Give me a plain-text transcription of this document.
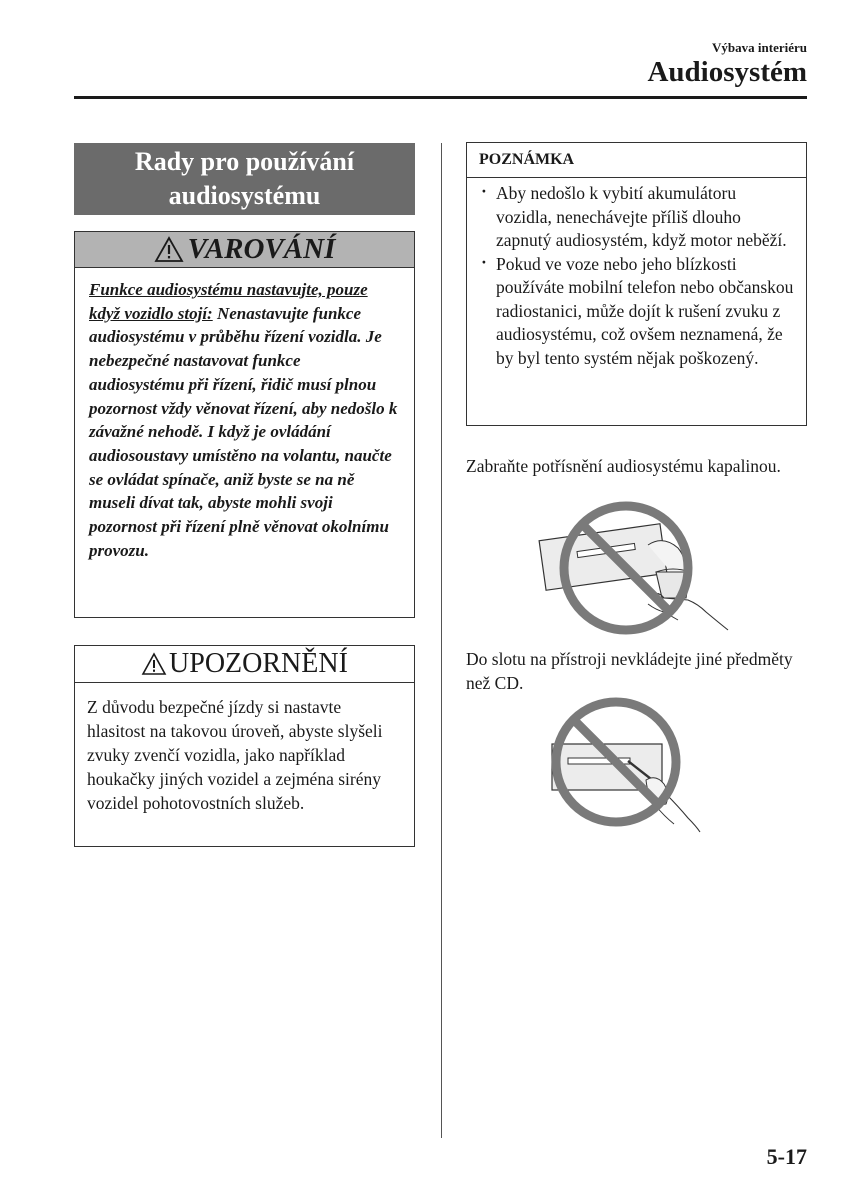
Výbava interiéru
Audiosystém
Rady pro používání audiosystému
VAROVÁNÍ
Funkce audiosystému nastavujte, pouze když vozidlo stojí: Nenastavujte funkce audiosystému v průběhu řízení vozidla. Je nebezpečné nastavovat funkce audiosystému při řízení, řidič musí plnou pozornost vždy věnovat řízení, aby nedošlo k závažné nehodě. I když je ovládání audiosoustavy umístěno na volantu, naučte se ovládat spínače, aniž byste se na ně museli dívat tak, abyste mohli svoji pozornost při řízení plně věnovat okolnímu provozu.
UPOZORNĚNÍ
Z důvodu bezpečné jízdy si nastavte hlasitost na takovou úroveň, abyste slyšeli zvuky zvenčí vozidla, jako například houkačky jiných vozidel a zejména sirény vozidel pohotovostních služeb.
POZNÁMKA
· Aby nedošlo k vybití akumulátoru vozidla, nenechávejte příliš dlouho zapnutý audiosystém, když motor neběží.
· Pokud ve voze nebo jeho blízkosti používáte mobilní telefon nebo občanskou radiostanici, může dojít k rušení zvuku z audiosystému, což ovšem neznamená, že by byl tento systém nějak poškozený.
Zabraňte potřísnění audiosystému kapalinou.
Do slotu na přístroji nevkládejte jiné předměty než CD.
5-17
